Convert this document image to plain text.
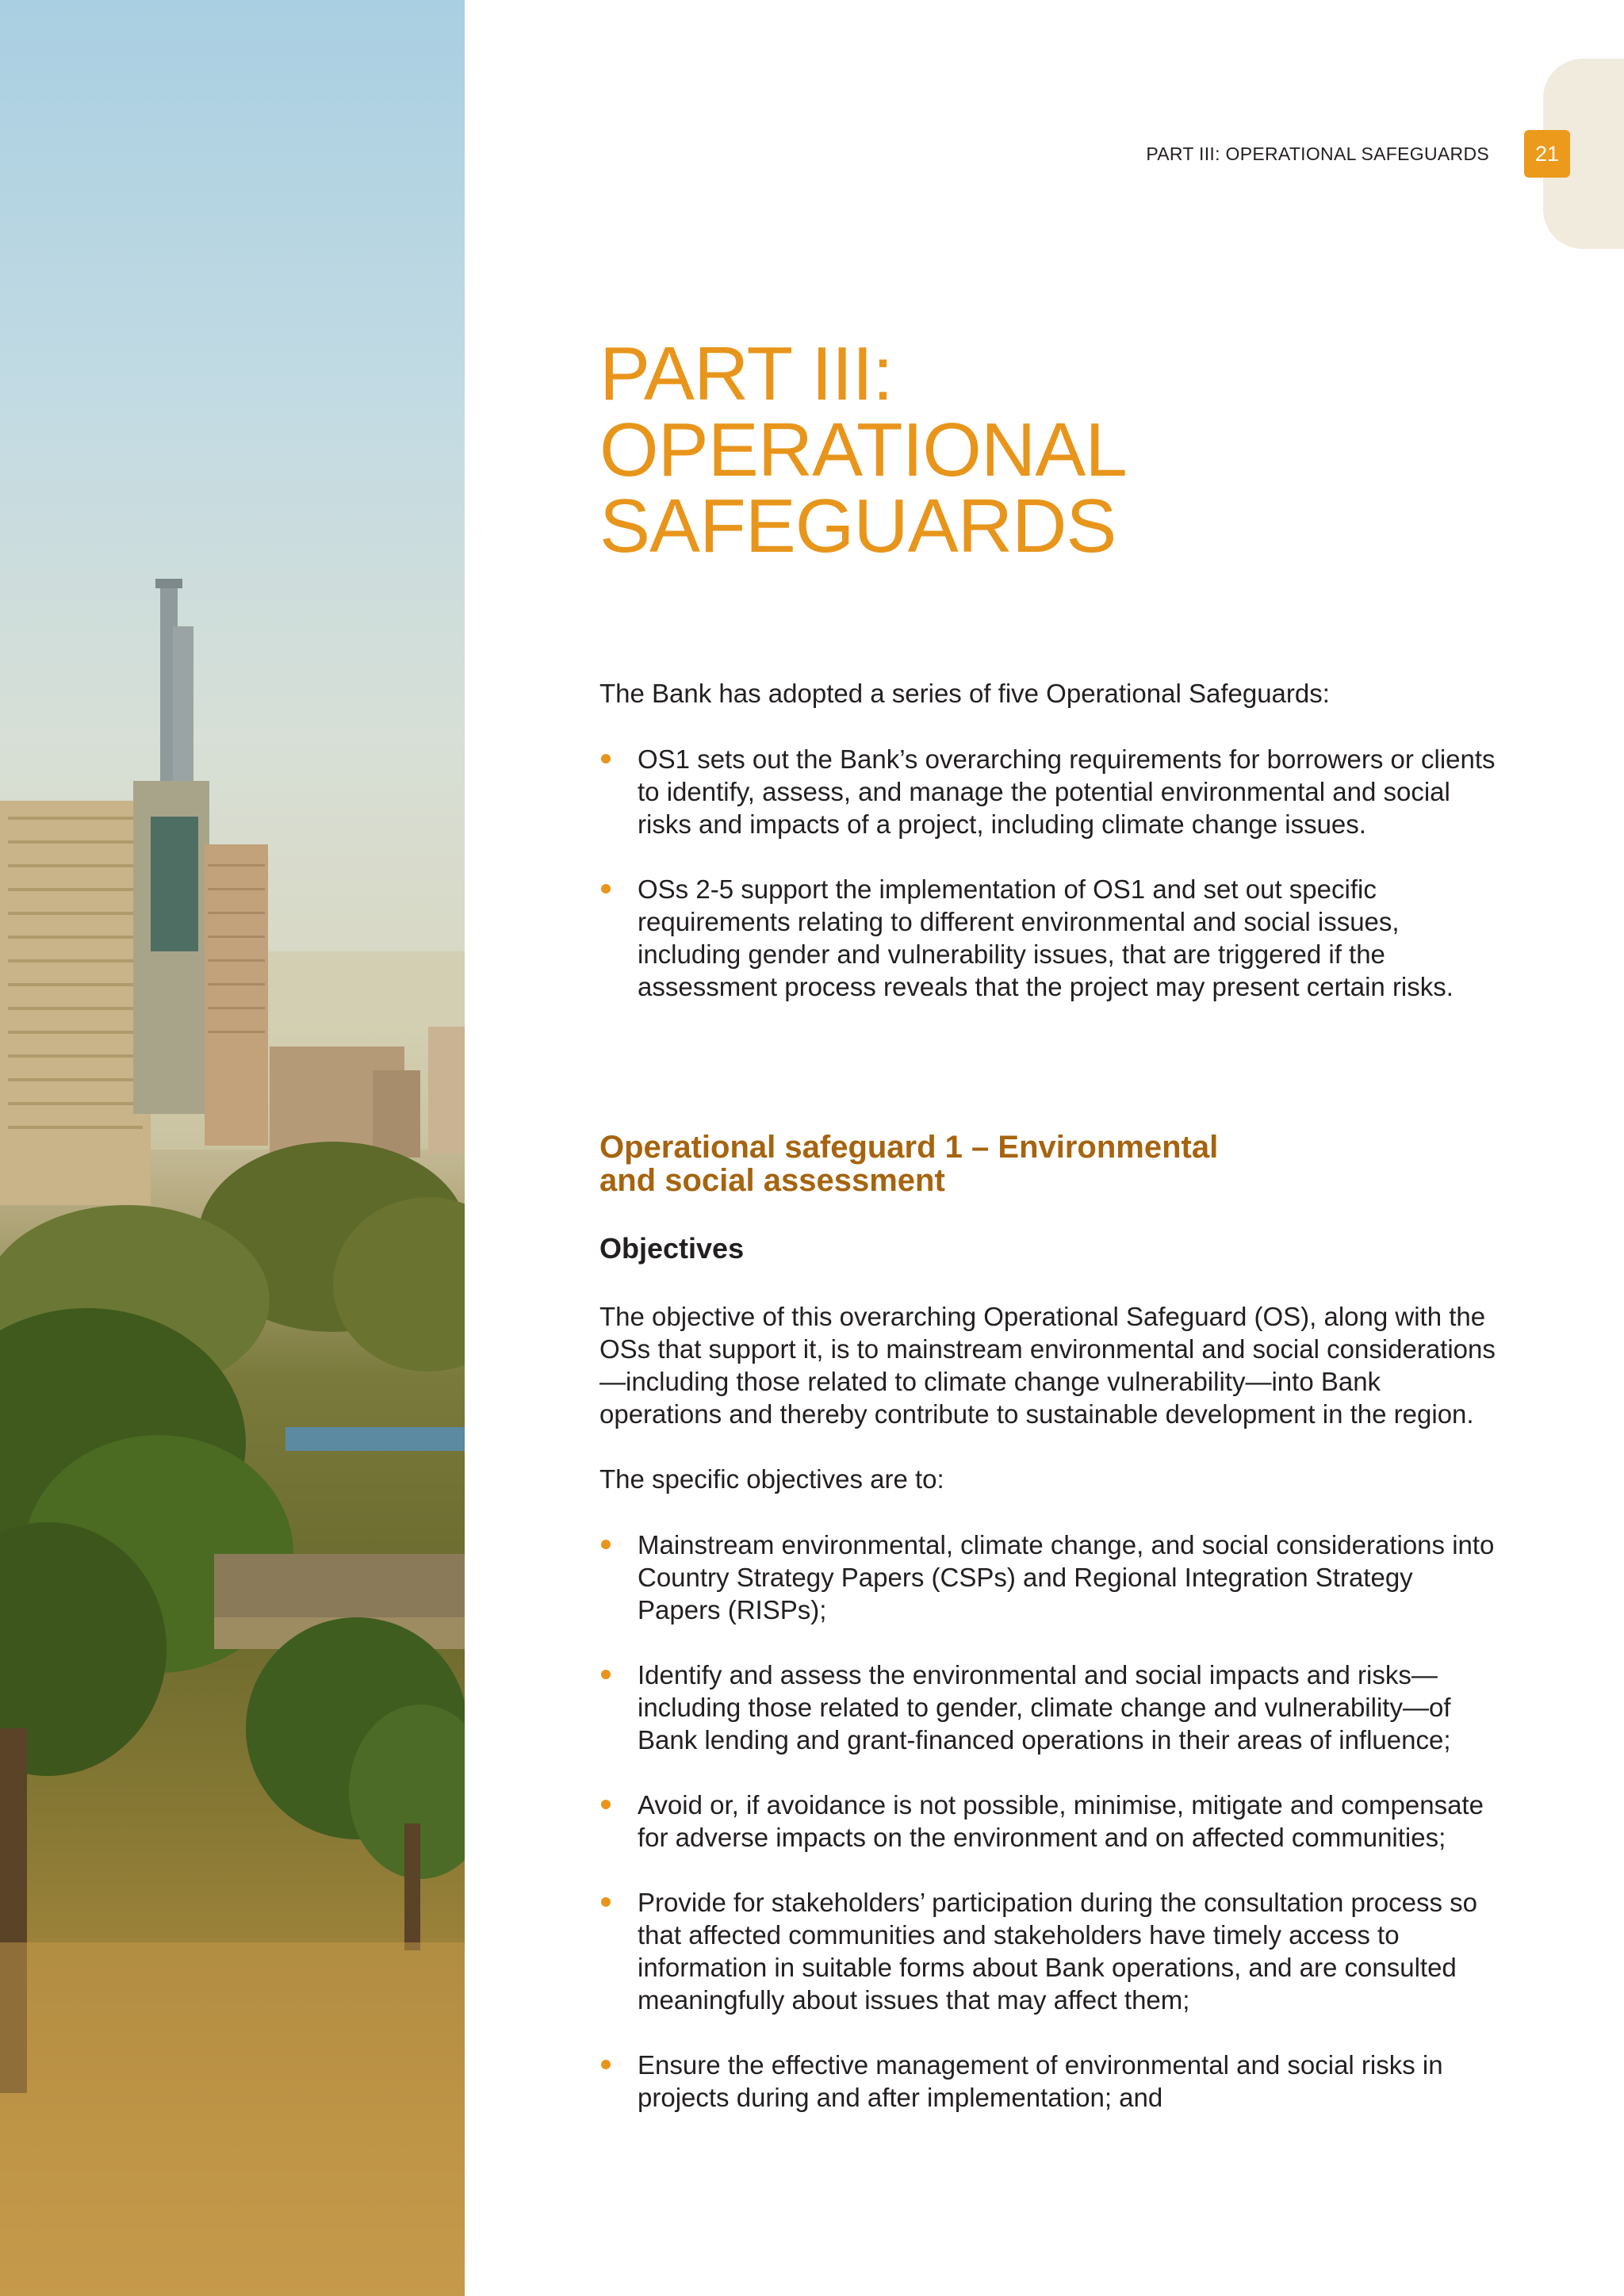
PART III: OPERATIONAL SAFEGUARDS	21
PART III:
OPERATIONAL
SAFEGUARDS

The Bank has adopted a series of five Operational Safeguards:

OS1 sets out the Bank’s overarching requirements for borrowers or clients to identify, assess, and manage the potential environmental and social risks and impacts of a project, including climate change issues.
OSs 2-5 support the implementation of OS1 and set out specific requirements relating to different environmental and social issues, including gender and vulnerability issues, that are triggered if the assessment process reveals that the project may present certain risks.
Operational safeguard 1 – Environmental
and social assessment
Objectives

The objective of this overarching Operational Safeguard (OS), along with the OSs that support it, is to mainstream environmental and social considerations—including those related to climate change vulnerability—into Bank operations and thereby contribute to sustainable development in the region.

The specific objectives are to:

Mainstream environmental, climate change, and social considerations into Country Strategy Papers (CSPs) and Regional Integration Strategy Papers (RISPs);
Identify and assess the environmental and social impacts and risks—including those related to gender, climate change and vulnerability—of Bank lending and grant-financed operations in their areas of influence;
Avoid or, if avoidance is not possible, minimise, mitigate and compensate for adverse impacts on the environment and on affected communities;
Provide for stakeholders’ participation during the consultation process so that affected communities and stakeholders have timely access to information in suitable forms about Bank operations, and are consulted meaningfully about issues that may affect them;
Ensure the effective management of environmental and social risks in projects during and after implementation; and
